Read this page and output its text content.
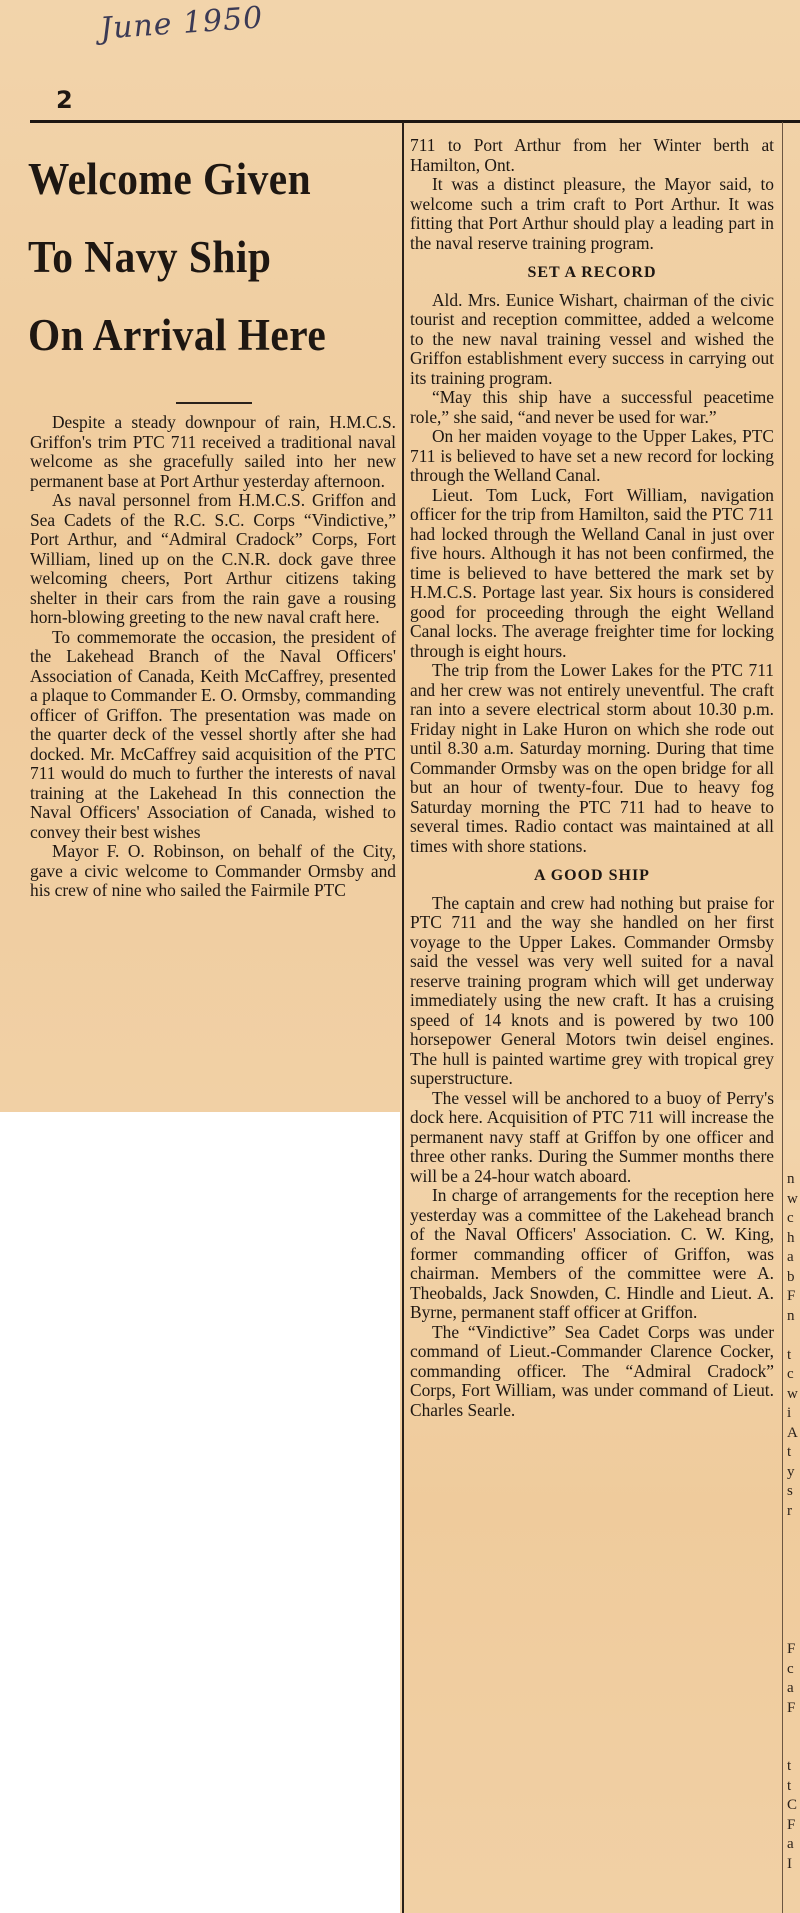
June 1950
2
Welcome Given
To Navy Ship
On Arrival Here

Despite a steady downpour of rain, H.M.C.S. Griffon's trim PTC 711 received a traditional naval welcome as she gracefully sailed into her new permanent base at Port Arthur yesterday afternoon.

As naval personnel from H.M.C.S. Griffon and Sea Cadets of the R.C. S.C. Corps “Vindictive,” Port Arthur, and “Admiral Cradock” Corps, Fort William, lined up on the C.N.R. dock gave three welcoming cheers, Port Arthur citizens taking shelter in their cars from the rain gave a rousing horn-blowing greeting to the new naval craft here.

To commemorate the occasion, the president of the Lakehead Branch of the Naval Officers' Association of Canada, Keith McCaffrey, presented a plaque to Commander E. O. Ormsby, commanding officer of Griffon. The presentation was made on the quarter deck of the vessel shortly after she had docked. Mr. McCaffrey said acquisition of the PTC 711 would do much to further the interests of naval training at the Lakehead In this connection the Naval Officers' Association of Canada, wished to convey their best wishes

Mayor F. O. Robinson, on behalf of the City, gave a civic welcome to Commander Ormsby and his crew of nine who sailed the Fairmile PTC

711 to Port Arthur from her Winter berth at Hamilton, Ont.

It was a distinct pleasure, the Mayor said, to welcome such a trim craft to Port Arthur. It was fitting that Port Arthur should play a leading part in the naval reserve training program.

SET A RECORD

Ald. Mrs. Eunice Wishart, chairman of the civic tourist and reception committee, added a welcome to the new naval training vessel and wished the Griffon establishment every success in carrying out its training program.

“May this ship have a successful peacetime role,” she said, “and never be used for war.”

On her maiden voyage to the Upper Lakes, PTC 711 is believed to have set a new record for locking through the Welland Canal.

Lieut. Tom Luck, Fort William, navigation officer for the trip from Hamilton, said the PTC 711 had locked through the Welland Canal in just over five hours. Although it has not been confirmed, the time is believed to have bettered the mark set by H.M.C.S. Portage last year. Six hours is considered good for proceeding through the eight Welland Canal locks. The average freighter time for locking through is eight hours.

The trip from the Lower Lakes for the PTC 711 and her crew was not entirely uneventful. The craft ran into a severe electrical storm about 10.30 p.m. Friday night in Lake Huron on which she rode out until 8.30 a.m. Saturday morning. During that time Commander Ormsby was on the open bridge for all but an hour of twenty-four. Due to heavy fog Saturday morning the PTC 711 had to heave to several times. Radio contact was maintained at all times with shore stations.

A GOOD SHIP

The captain and crew had nothing but praise for PTC 711 and the way she handled on her first voyage to the Upper Lakes. Commander Ormsby said the vessel was very well suited for a naval reserve training program which will get underway immediately using the new craft. It has a cruising speed of 14 knots and is powered by two 100 horsepower General Motors twin deisel engines. The hull is painted wartime grey with tropical grey superstructure.

The vessel will be anchored to a buoy of Perry's dock here. Acquisition of PTC 711 will increase the permanent navy staff at Griffon by one officer and three other ranks. During the Summer months there will be a 24-hour watch aboard.

In charge of arrangements for the reception here yesterday was a committee of the Lakehead branch of the Naval Officers' Association. C. W. King, former commanding officer of Griffon, was chairman. Members of the committee were A. Theobalds, Jack Snowden, C. Hindle and Lieut. A. Byrne, permanent staff officer at Griffon.

The “Vindictive” Sea Cadet Corps was under command of Lieut.-Commander Clarence Cocker, commanding officer. The “Admiral Cradock” Corps, Fort William, was under command of Lieut. Charles Searle.

n
w
c
h
a
b
F
n

t
c
w
i
A
t
y
s
r
F
c
a
F

t
t
C
F
a
I
